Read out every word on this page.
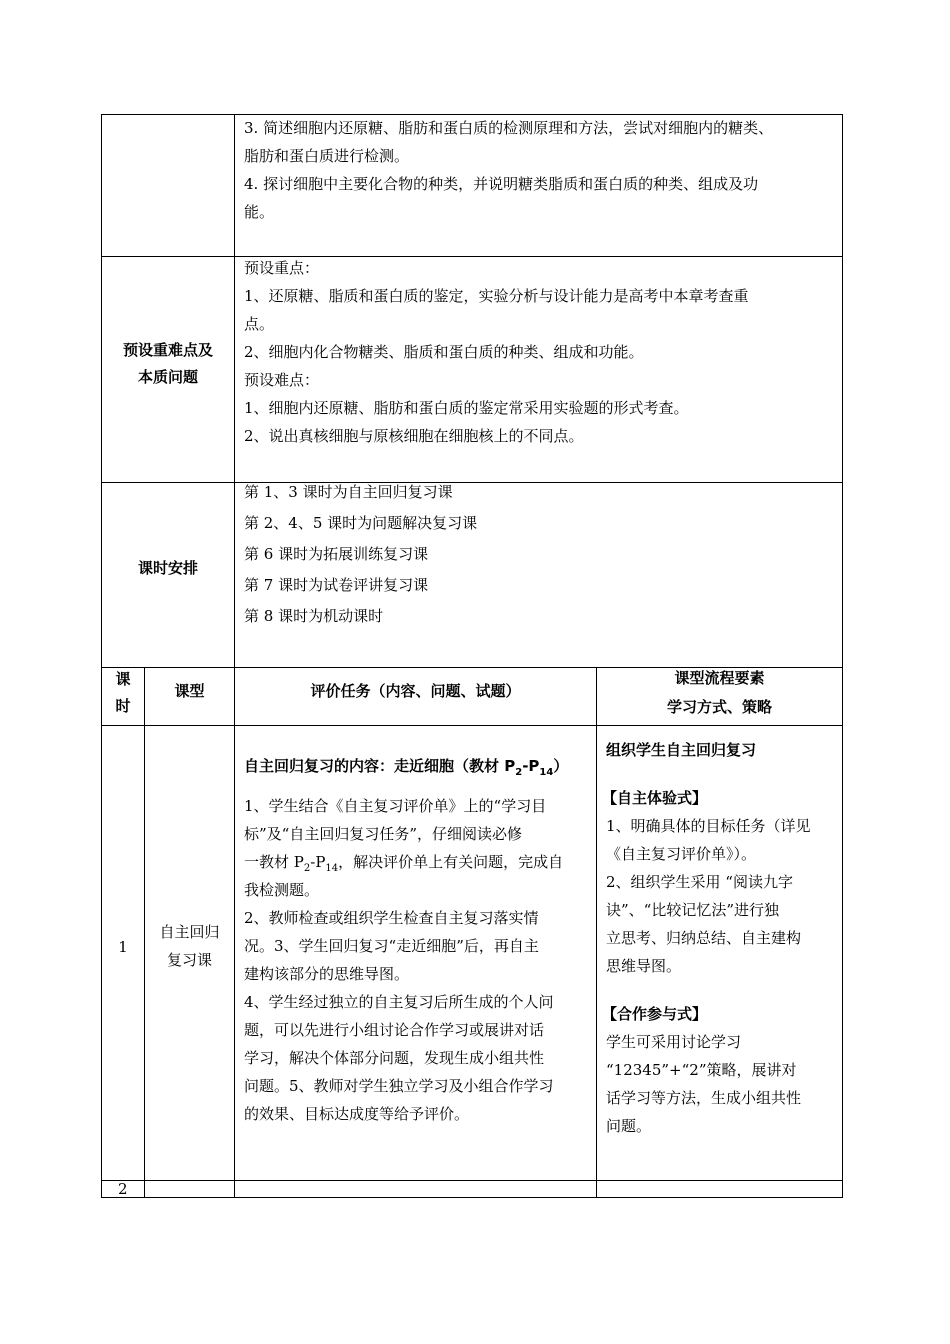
3. 简述细胞内还原糖、脂肪和蛋白质的检测原理和方法，尝试对细胞内的糖类、
脂肪和蛋白质进行检测。
4. 探讨细胞中主要化合物的种类，并说明糖类脂质和蛋白质的种类、组成及功
能。
预设重难点及
本质问题
预设重点：
1、还原糖、脂质和蛋白质的鉴定，实验分析与设计能力是高考中本章考查重
点。
2、细胞内化合物糖类、脂质和蛋白质的种类、组成和功能。
预设难点：
1、细胞内还原糖、脂肪和蛋白质的鉴定常采用实验题的形式考查。
2、说出真核细胞与原核细胞在细胞核上的不同点。
课时安排
第 1、3 课时为自主回归复习课
第 2、4、5 课时为问题解决复习课
第 6 课时为拓展训练复习课
第 7 课时为试卷评讲复习课
第 8 课时为机动课时
课
时
课型	评价任务（内容、问题、试题）
课型流程要素
学习方式、策略
1
自主回归
复习课
自主回归复习的内容：走近细胞（教材 $P_2-P_{14}$）
1、学生结合《自主复习评价单》上的“学习目
标”及“自主回归复习任务”，仔细阅读必修
一教材 $P_2-P_{14}$，解决评价单上有关问题，完成自
我检测题。
2、教师检查或组织学生检查自主复习落实情
况。3、学生回归复习“走近细胞”后，再自主
建构该部分的思维导图。
4、学生经过独立的自主复习后所生成的个人问
题，可以先进行小组讨论合作学习或展讲对话
学习，解决个体部分问题，发现生成小组共性
问题。5、教师对学生独立学习及小组合作学习
的效果、目标达成度等给予评价。
组织学生自主回归复习
【自主体验式】
1、明确具体的目标任务（详见
《自主复习评价单》）。
2、组织学生采用 “阅读九字
诀”、“比较记忆法”进行独
立思考、归纳总结、自主建构
思维导图。
【合作参与式】
学生可采用讨论学习
“12345”+“2”策略，展讲对
话学习等方法，生成小组共性
问题。
2
